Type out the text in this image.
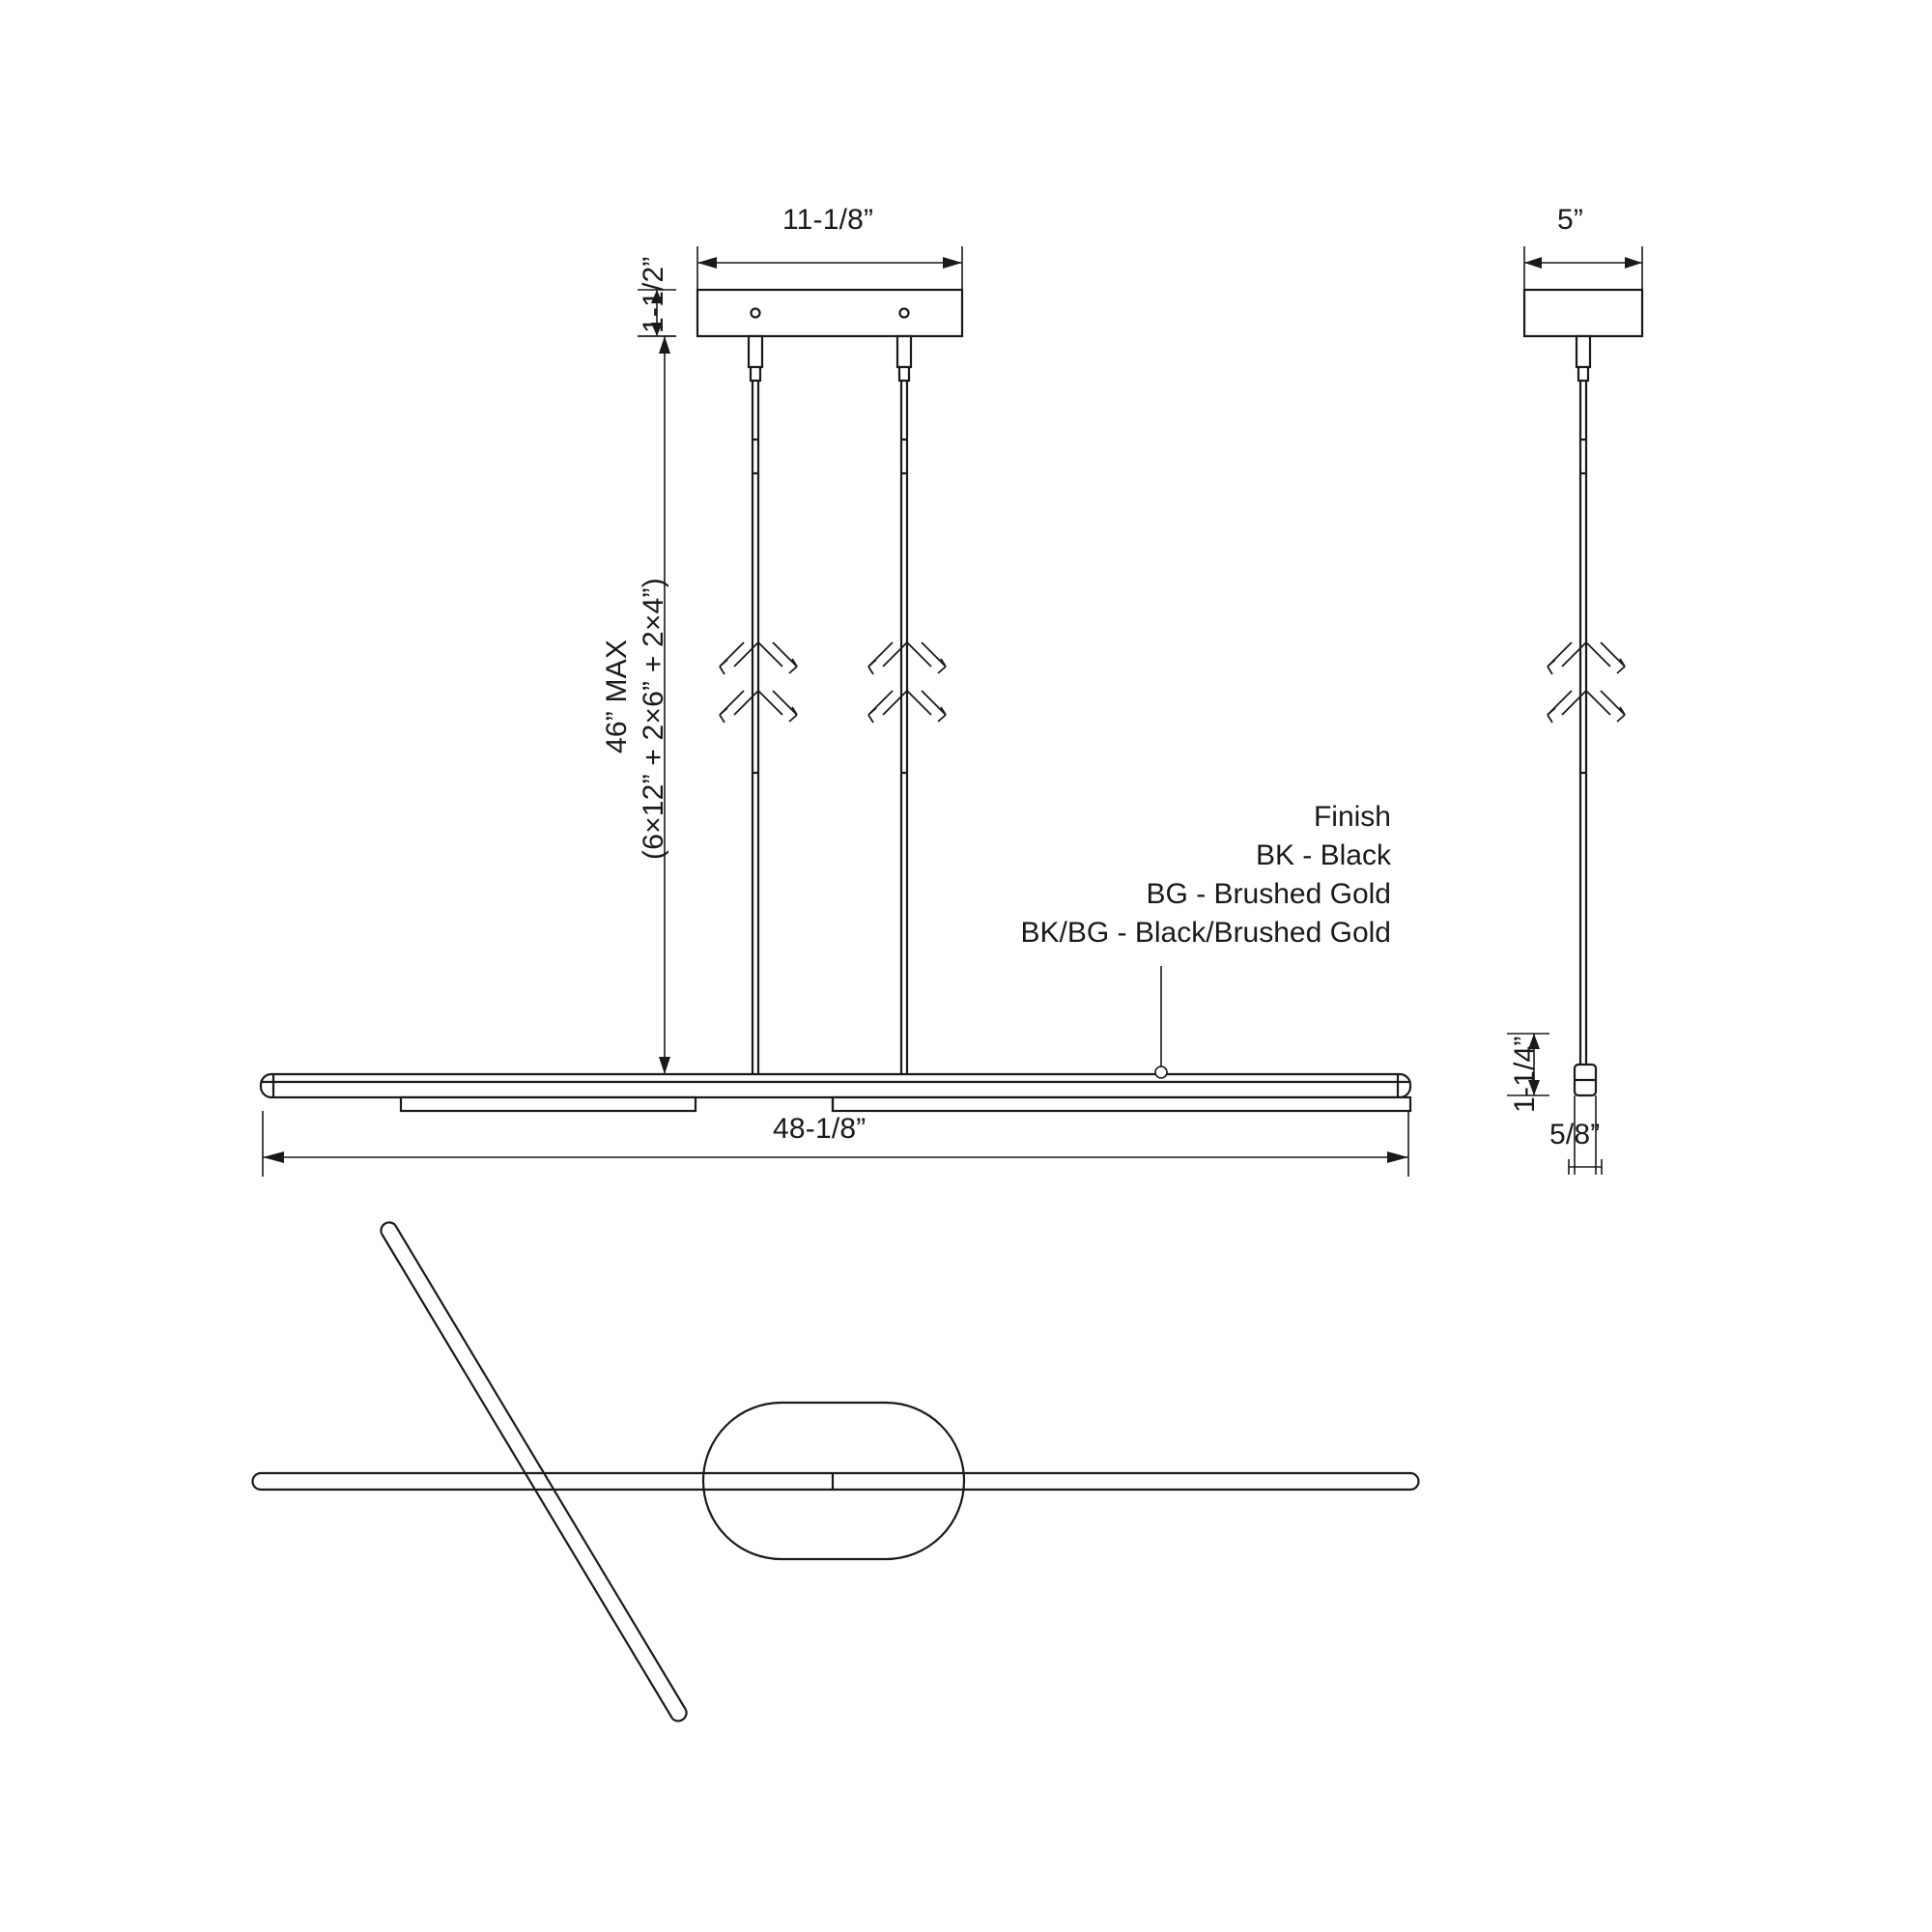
11-1/8”
1-1/2”
46” MAX (6×12” + 2×6” + 2×4”)
48-1/8”
5”
1-1/4”
5/8”
Finish
BK - Black
BG - Brushed Gold
BK/BG - Black/Brushed Gold
